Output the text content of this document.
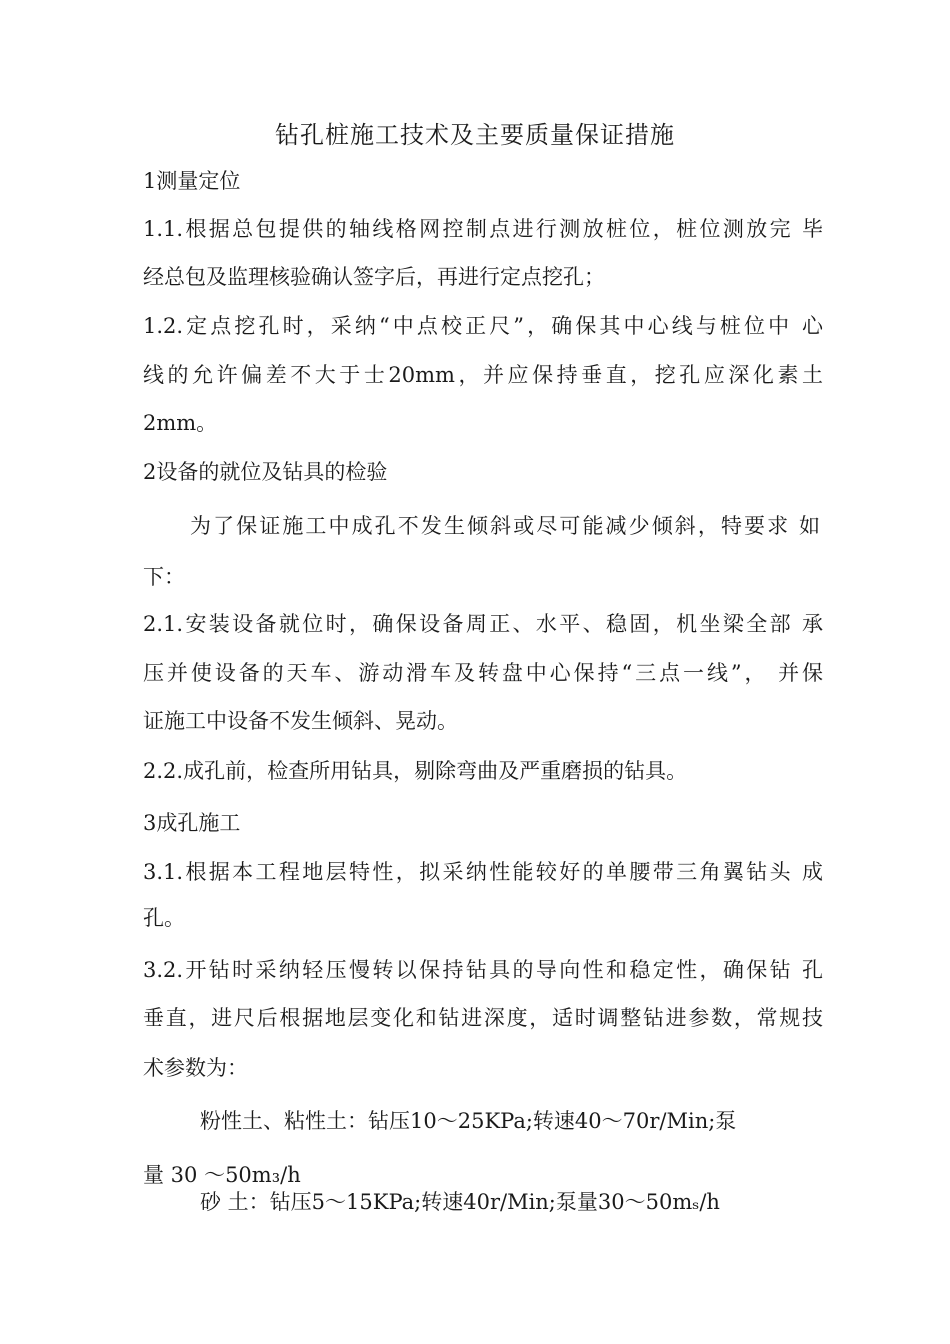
钻孔桩施工技术及主要质量保证措施
1测量定位
1.1.根据总包提供的轴线格网控制点进行测放桩位，桩位测放完 毕
经总包及监理核验确认签字后，再进行定点挖孔；
1.2.定点挖孔时，采纳“中点校正尺”，确保其中心线与桩位中 心
线的允许偏差不大于士20mm，并应保持垂直，挖孔应深化素土
2mm。
2设备的就位及钻具的检验
为了保证施工中成孔不发生倾斜或尽可能减少倾斜，特要求 如
下：
2.1.安装设备就位时，确保设备周正、水平、稳固，机坐梁全部 承
压并使设备的天车、游动滑车及转盘中心保持“三点一线”， 并保
证施工中设备不发生倾斜、晃动。
2.2.成孔前，检查所用钻具，剔除弯曲及严重磨损的钻具。
3成孔施工
3.1.根据本工程地层特性，拟采纳性能较好的单腰带三角翼钻头 成
孔。
3.2.开钻时采纳轻压慢转以保持钻具的导向性和稳定性，确保钻 孔
垂直，进尺后根据地层变化和钻进深度，适时调整钻进参数，常规技
术参数为：
粉性土、粘性土：钻压10〜25KPa;转速40〜70r/Min;泵
量 30 〜50m₃/h
砂 土：钻压5〜15KPa;转速40r/Min;泵量30〜50mₛ/h
